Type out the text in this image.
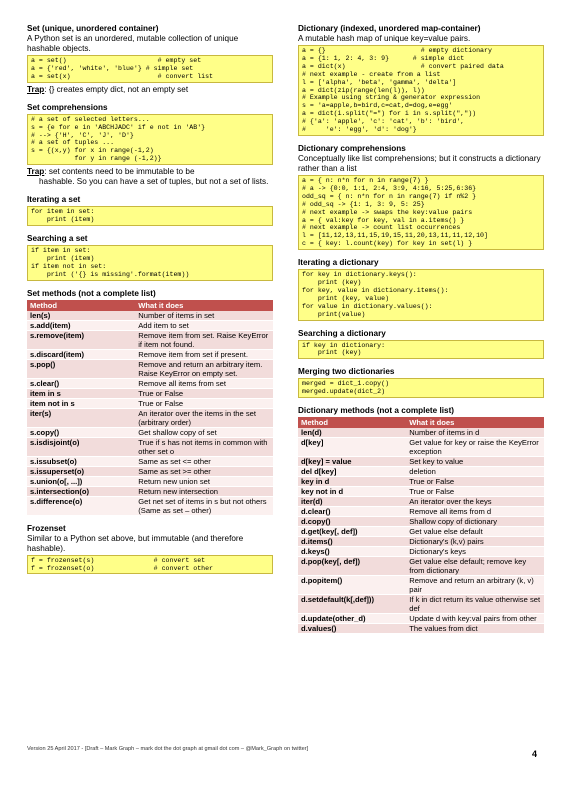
Set (unique, unordered container)

A Python set is an unordered, mutable collection of unique hashable objects.

a = set()                       # empty set
a = {'red', 'white', 'blue'} # simple set
a = set(x)                      # convert list
Trap: {} creates empty dict, not an empty set

Set comprehensions

# a set of selected letters...
s = {e for e in 'ABCHJADC' if e not in 'AB'}
# --> {'H', 'C', 'J', 'D'}
# a set of tuples ...
s = {(x,y) for x in range(-1,2)
for y in range (-1,2)}
Trap: set contents need to be immutable to be
hashable. So you can have a set of tuples, but not a set of lists.

Iterating a set

for item in set:
print (item)

Searching a set

if item in set:
print (item)
if item not in set:
print ('{} is missing'.format(item))

Set methods (not a complete list)

Method	What it does
len(s)	Number of items in set
s.add(item)	Add item to set
s.remove(item)	Remove item from set. Raise KeyError if item not found.
s.discard(item)	Remove item from set if present.
s.pop()	Remove and return an arbitrary item. Raise KeyError on empty set.
s.clear()	Remove all items from set
item in s	True or False
item not in s	True or False
iter(s)	An iterator over the items in the set (arbitrary order)
s.copy()	Get shallow copy of set
s.isdisjoint(o)	True if s has not items in common with other set o
s.issubset(o)	Same as set <= other
s.issuperset(o)	Same as set >= other
s.union(o[, ...])	Return new union set
s.intersection(o)	Return new intersection
s.difference(o)	Get net set of items in s but not others (Same as set – other)

Frozenset

Similar to a Python set above, but immutable (and therefore hashable).

f = frozenset(s)               # convert set
f = frozenset(o)               # convert other

Dictionary (indexed, unordered map-container)

A mutable hash map of unique key=value pairs.

a = {}                        # empty dictionary
a = {1: 1, 2: 4, 3: 9}      # simple dict
a = dict(x)                   # convert paired data
# next example - create from a list
l = ['alpha', 'beta', 'gamma', 'delta']
a = dict(zip(range(len(l)), l))
# Example using string & generator expression
s = 'a=apple,b=bird,c=cat,d=dog,e=egg'
a = dict(i.split("=") for i in s.split(","))
# {'a': 'apple', 'c': 'cat', 'b': 'bird',
#     'e': 'egg', 'd': 'dog'}

Dictionary comprehensions

Conceptually like list comprehensions; but it constructs a dictionary rather than a list

a = { n: n*n for n in range(7) }
# a -> {0:0, 1:1, 2:4, 3:9, 4:16, 5:25,6:36}
odd_sq = { n: n*n for n in range(7) if n%2 }
# odd_sq -> {1: 1, 3: 9, 5: 25}
# next example -> swaps the key:value pairs
a = { val:key for key, val in a.items() }
# next example -> count list occurrences
l = [11,12,13,11,15,19,15,11,20,13,11,11,12,10]
c = { key: l.count(key) for key in set(l) }

Iterating a dictionary

for key in dictionary.keys():
print (key)
for key, value in dictionary.items():
print (key, value)
for value in dictionary.values():
print(value)

Searching a dictionary

if key in dictionary:
print (key)

Merging two dictionaries

merged = dict_1.copy()
merged.update(dict_2)

Dictionary methods (not a complete list)

Method	What it does
len(d)	Number of items in d
d[key]	Get value for key or raise the KeyError exception
d[key] = value	Set key to value
del d[key]	deletion
key in d	True or False
key not in d	True or False
iter(d)	An iterator over the keys
d.clear()	Remove all items from d
d.copy()	Shallow copy of dictionary
d.get(key[, def])	Get value else default
d.items()	Dictionary's (k,v) pairs
d.keys()	Dictionary's keys
d.pop(key[, def])	Get value else default; remove key from dictionary
d.popitem()	Remove and return an arbitrary (k, v) pair
d.setdefault(k[,def]))	If k in dict return its value otherwise set def
d.update(other_d)	Update d with key:val pairs from other
d.values()	The values from dict
Version 25 April 2017 - [Draft – Mark Graph – mark dot the dot graph at gmail dot com – @Mark_Graph on twitter]	4
